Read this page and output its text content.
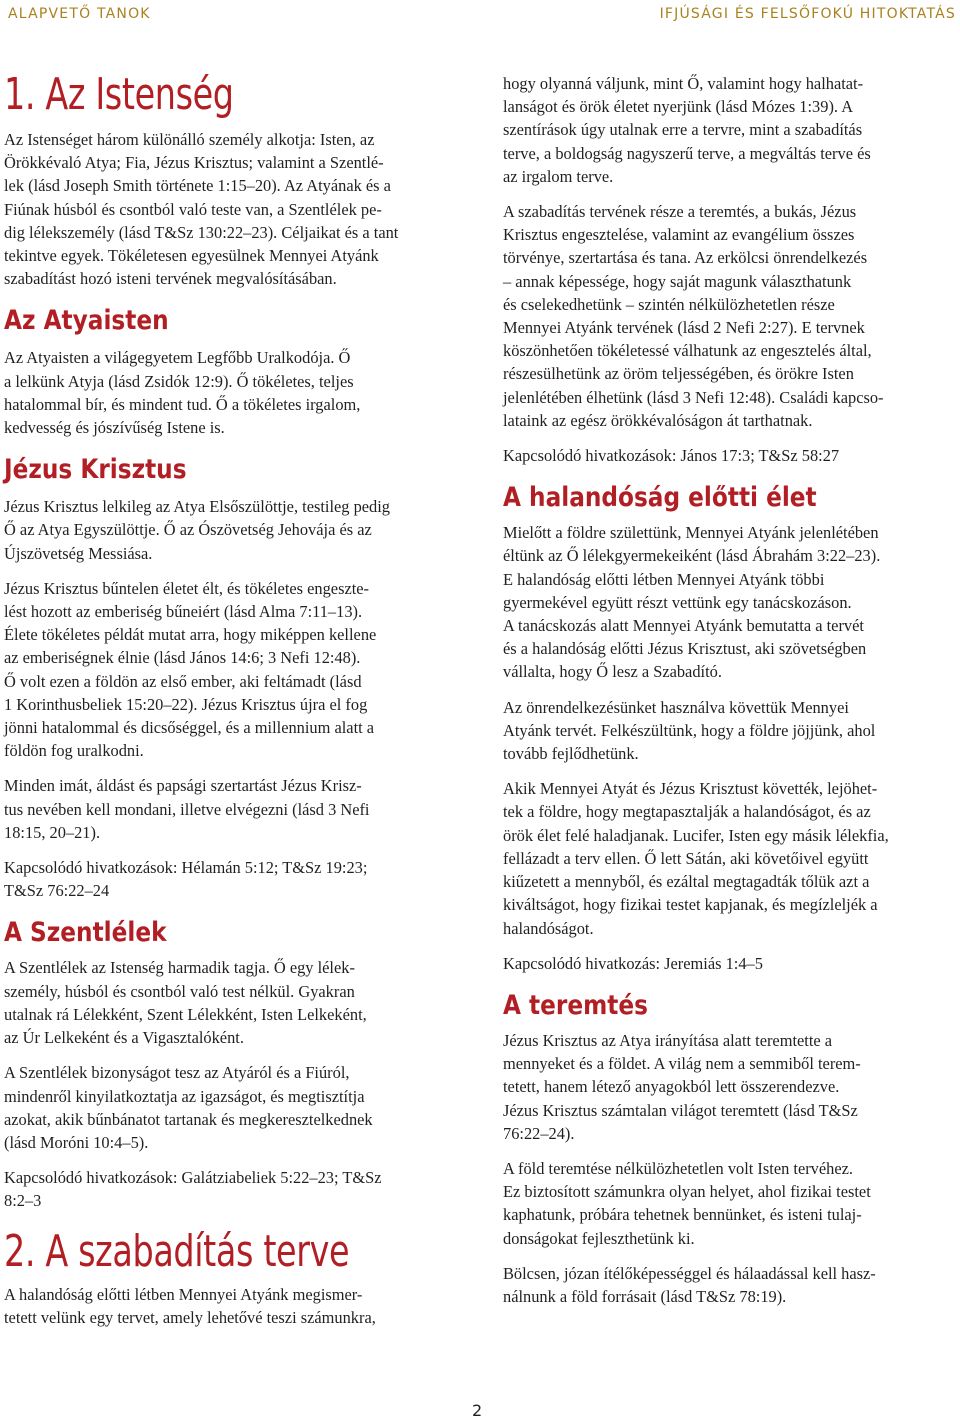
ALAPVETŐ TANOK	IFJÚSÁGI ÉS FELSŐFOKÚ HITOKTATÁS
1. Az Istenség

Az Istenséget három különálló személy alkotja: Isten, az
Örökkévaló Atya; Fia, Jézus Krisztus; valamint a Szentlé-
lek (lásd Joseph Smith története 1:15–20). Az Atyának és a
Fiúnak húsból és csontból való teste van, a Szentlélek pe-
dig lélekszemély (lásd T&Sz 130:22–23). Céljaikat és a tant
tekintve egyek. Tökéletesen egyesülnek Mennyei Atyánk
szabadítást hozó isteni tervének megvalósításában.

Az Atyaisten

Az Atyaisten a világegyetem Legfőbb Uralkodója. Ő
a lelkünk Atyja (lásd Zsidók 12:9). Ő tökéletes, teljes
hatalommal bír, és mindent tud. Ő a tökéletes irgalom,
kedvesség és jószívűség Istene is.

Jézus Krisztus

Jézus Krisztus lelkileg az Atya Elsőszülöttje, testileg pedig
Ő az Atya Egyszülöttje. Ő az Ószövetség Jehovája és az
Újszövetség Messiása.

Jézus Krisztus bűntelen életet élt, és tökéletes engeszte-
lést hozott az emberiség bűneiért (lásd Alma 7:11–13).
Élete tökéletes példát mutat arra, hogy miképpen kellene
az emberiségnek élnie (lásd János 14:6; 3 Nefi 12:48).
Ő volt ezen a földön az első ember, aki feltámadt (lásd
1 Korinthusbeliek 15:20–22). Jézus Krisztus újra el fog
jönni hatalommal és dicsőséggel, és a millennium alatt a
földön fog uralkodni.

Minden imát, áldást és papsági szertartást Jézus Krisz-
tus nevében kell mondani, illetve elvégezni (lásd 3 Nefi
18:15, 20–21).

Kapcsolódó hivatkozások: Hélamán 5:12; T&Sz 19:23;
T&Sz 76:22–24

A Szentlélek

A Szentlélek az Istenség harmadik tagja. Ő egy lélek-
személy, húsból és csontból való test nélkül. Gyakran
utalnak rá Lélekként, Szent Lélekként, Isten Lelkeként,
az Úr Lelkeként és a Vigasztalóként.

A Szentlélek bizonyságot tesz az Atyáról és a Fiúról,
mindenről kinyilatkoztatja az igazságot, és megtisztítja
azokat, akik bűnbánatot tartanak és megkeresztelkednek
(lásd Moróni 10:4–5).

Kapcsolódó hivatkozások: Galátziabeliek 5:22–23; T&Sz
8:2–3

2. A szabadítás terve

A halandóság előtti létben Mennyei Atyánk megismer-
tetett velünk egy tervet, amely lehetővé teszi számunkra,

hogy olyanná váljunk, mint Ő, valamint hogy halhatat-
lanságot és örök életet nyerjünk (lásd Mózes 1:39). A
szentírások úgy utalnak erre a tervre, mint a szabadítás
terve, a boldogság nagyszerű terve, a megváltás terve és
az irgalom terve.

A szabadítás tervének része a teremtés, a bukás, Jézus
Krisztus engesztelése, valamint az evangélium összes
törvénye, szertartása és tana. Az erkölcsi önrendelkezés
– annak képessége, hogy saját magunk választhatunk
és cselekedhetünk – szintén nélkülözhetetlen része
Mennyei Atyánk tervének (lásd 2 Nefi 2:27). E tervnek
köszönhetően tökéletessé válhatunk az engesztelés által,
részesülhetünk az öröm teljességében, és örökre Isten
jelenlétében élhetünk (lásd 3 Nefi 12:48). Családi kapcso-
lataink az egész örökkévalóságon át tarthatnak.

Kapcsolódó hivatkozások: János 17:3; T&Sz 58:27

A halandóság előtti élet

Mielőtt a földre születtünk, Mennyei Atyánk jelenlétében
éltünk az Ő lélekgyermekeiként (lásd Ábrahám 3:22–23).
E halandóság előtti létben Mennyei Atyánk többi
gyermekével együtt részt vettünk egy tanácskozáson.
A tanácskozás alatt Mennyei Atyánk bemutatta a tervét
és a halandóság előtti Jézus Krisztust, aki szövetségben
vállalta, hogy Ő lesz a Szabadító.

Az önrendelkezésünket használva követtük Mennyei
Atyánk tervét. Felkészültünk, hogy a földre jöjjünk, ahol
tovább fejlődhetünk.

Akik Mennyei Atyát és Jézus Krisztust követték, lejöhet-
tek a földre, hogy megtapasztalják a halandóságot, és az
örök élet felé haladjanak. Lucifer, Isten egy másik lélekfia,
fellázadt a terv ellen. Ő lett Sátán, aki követőivel együtt
kiűzetett a mennyből, és ezáltal megtagadták tőlük azt a
kiváltságot, hogy fizikai testet kapjanak, és megízleljék a
halandóságot.

Kapcsolódó hivatkozás: Jeremiás 1:4–5

A teremtés

Jézus Krisztus az Atya irányítása alatt teremtette a
mennyeket és a földet. A világ nem a semmiből terem-
tetett, hanem létező anyagokból lett összerendezve.
Jézus Krisztus számtalan világot teremtett (lásd T&Sz
76:22–24).

A föld teremtése nélkülözhetetlen volt Isten tervéhez.
Ez biztosított számunkra olyan helyet, ahol fizikai testet
kaphatunk, próbára tehetnek bennünket, és isteni tulaj-
donságokat fejleszthetünk ki.

Bölcsen, józan ítélőképességgel és hálaadással kell hasz-
nálnunk a föld forrásait (lásd T&Sz 78:19).

2
